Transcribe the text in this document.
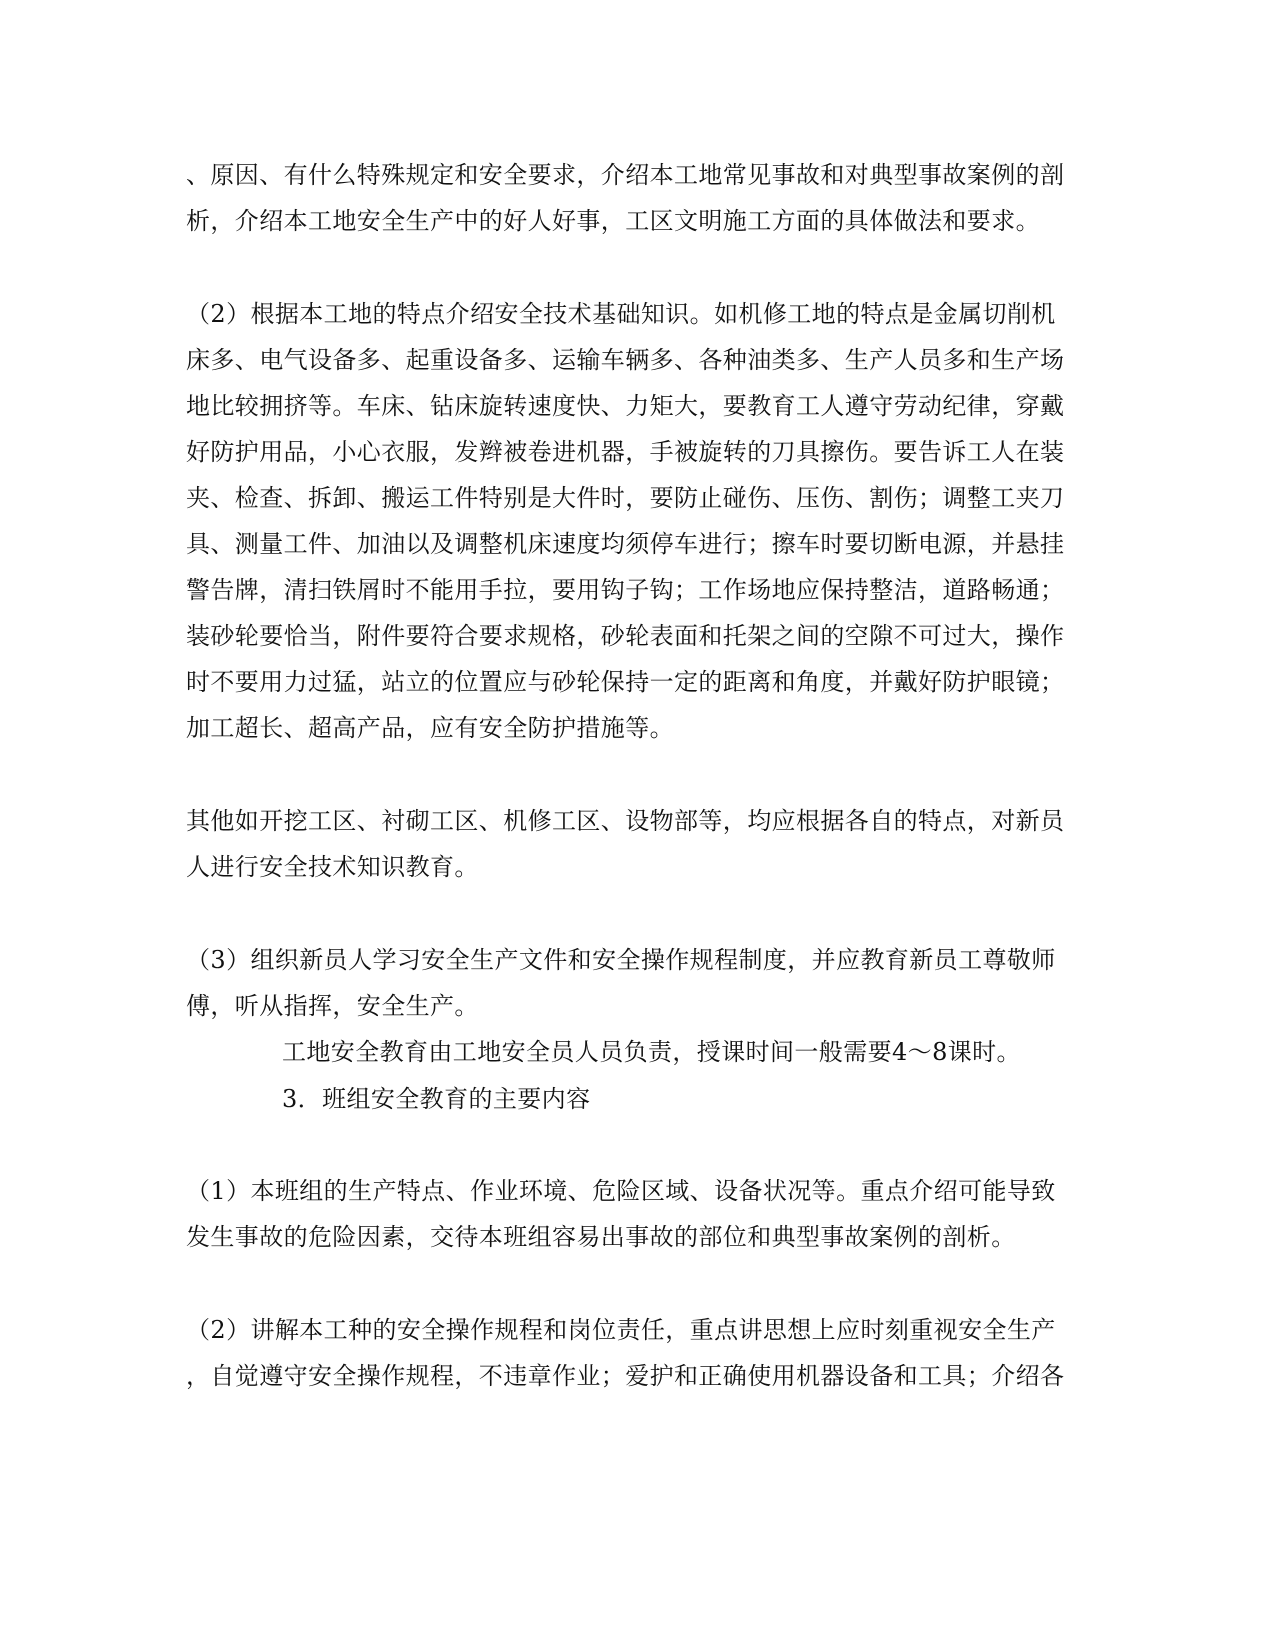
、原因、有什么特殊规定和安全要求，介绍本工地常见事故和对典型事故案例的剖
析，介绍本工地安全生产中的好人好事，工区文明施工方面的具体做法和要求。
（2）根据本工地的特点介绍安全技术基础知识。如机修工地的特点是金属切削机
床多、电气设备多、起重设备多、运输车辆多、各种油类多、生产人员多和生产场
地比较拥挤等。车床、钻床旋转速度快、力矩大，要教育工人遵守劳动纪律，穿戴
好防护用品，小心衣服，发辫被卷进机器，手被旋转的刀具擦伤。要告诉工人在装
夹、检查、拆卸、搬运工件特别是大件时，要防止碰伤、压伤、割伤；调整工夹刀
具、测量工件、加油以及调整机床速度均须停车进行；擦车时要切断电源，并悬挂
警告牌，清扫铁屑时不能用手拉，要用钩子钩；工作场地应保持整洁，道路畅通；
装砂轮要恰当，附件要符合要求规格，砂轮表面和托架之间的空隙不可过大，操作
时不要用力过猛，站立的位置应与砂轮保持一定的距离和角度，并戴好防护眼镜；
加工超长、超高产品，应有安全防护措施等。
其他如开挖工区、衬砌工区、机修工区、设物部等，均应根据各自的特点，对新员
人进行安全技术知识教育。
（3）组织新员人学习安全生产文件和安全操作规程制度，并应教育新员工尊敬师
傅，听从指挥，安全生产。
工地安全教育由工地安全员人员负责，授课时间一般需要4～8课时。
3．班组安全教育的主要内容
（1）本班组的生产特点、作业环境、危险区域、设备状况等。重点介绍可能导致
发生事故的危险因素，交待本班组容易出事故的部位和典型事故案例的剖析。
（2）讲解本工种的安全操作规程和岗位责任，重点讲思想上应时刻重视安全生产
，自觉遵守安全操作规程，不违章作业；爱护和正确使用机器设备和工具；介绍各
